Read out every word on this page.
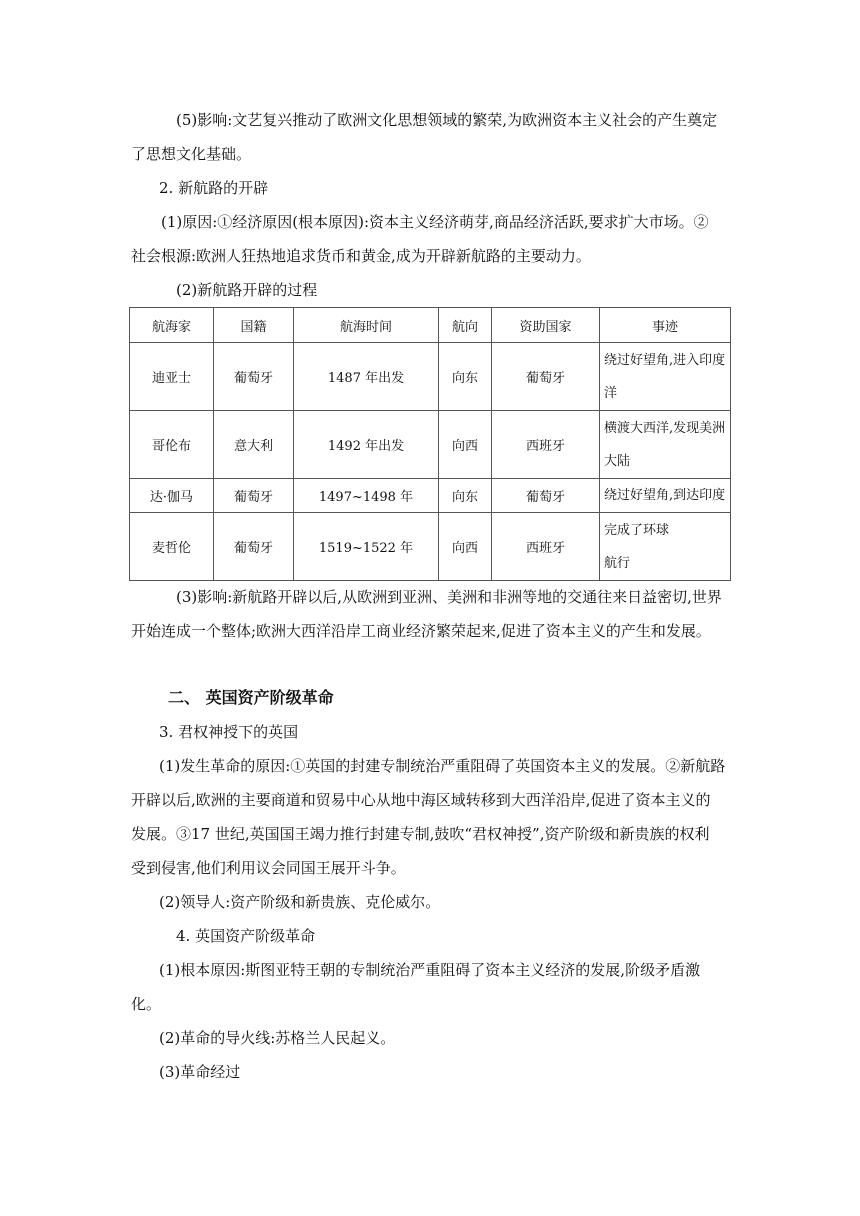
(5)影响:文艺复兴推动了欧洲文化思想领域的繁荣,为欧洲资本主义社会的产生奠定

了思想文化基础。

2. 新航路的开辟

(1)原因:①经济原因(根本原因):资本主义经济萌芽,商品经济活跃,要求扩大市场。②

社会根源:欧洲人狂热地追求货币和黄金,成为开辟新航路的主要动力。

(2)新航路开辟的过程

航海家	国籍	航海时间	航向	资助国家	事迹
迪亚士	葡萄牙	1487 年出发	向东	葡萄牙	绕过好望角,进入印度
洋
哥伦布	意大利	1492 年出发	向西	西班牙	横渡大西洋,发现美洲
大陆
达·伽马	葡萄牙	1497~1498 年	向东	葡萄牙	绕过好望角,到达印度
麦哲伦	葡萄牙	1519~1522 年	向西	西班牙	完成了环球
航行

(3)影响:新航路开辟以后,从欧洲到亚洲、美洲和非洲等地的交通往来日益密切,世界

开始连成一个整体;欧洲大西洋沿岸工商业经济繁荣起来,促进了资本主义的产生和发展。

二、 英国资产阶级革命

3. 君权神授下的英国

(1)发生革命的原因:①英国的封建专制统治严重阻碍了英国资本主义的发展。②新航路

开辟以后,欧洲的主要商道和贸易中心从地中海区域转移到大西洋沿岸,促进了资本主义的

发展。③17 世纪,英国国王竭力推行封建专制,鼓吹“君权神授”,资产阶级和新贵族的权利

受到侵害,他们利用议会同国王展开斗争。

(2)领导人:资产阶级和新贵族、克伦威尔。

4. 英国资产阶级革命

(1)根本原因:斯图亚特王朝的专制统治严重阻碍了资本主义经济的发展,阶级矛盾激

化。

(2)革命的导火线:苏格兰人民起义。

(3)革命经过
